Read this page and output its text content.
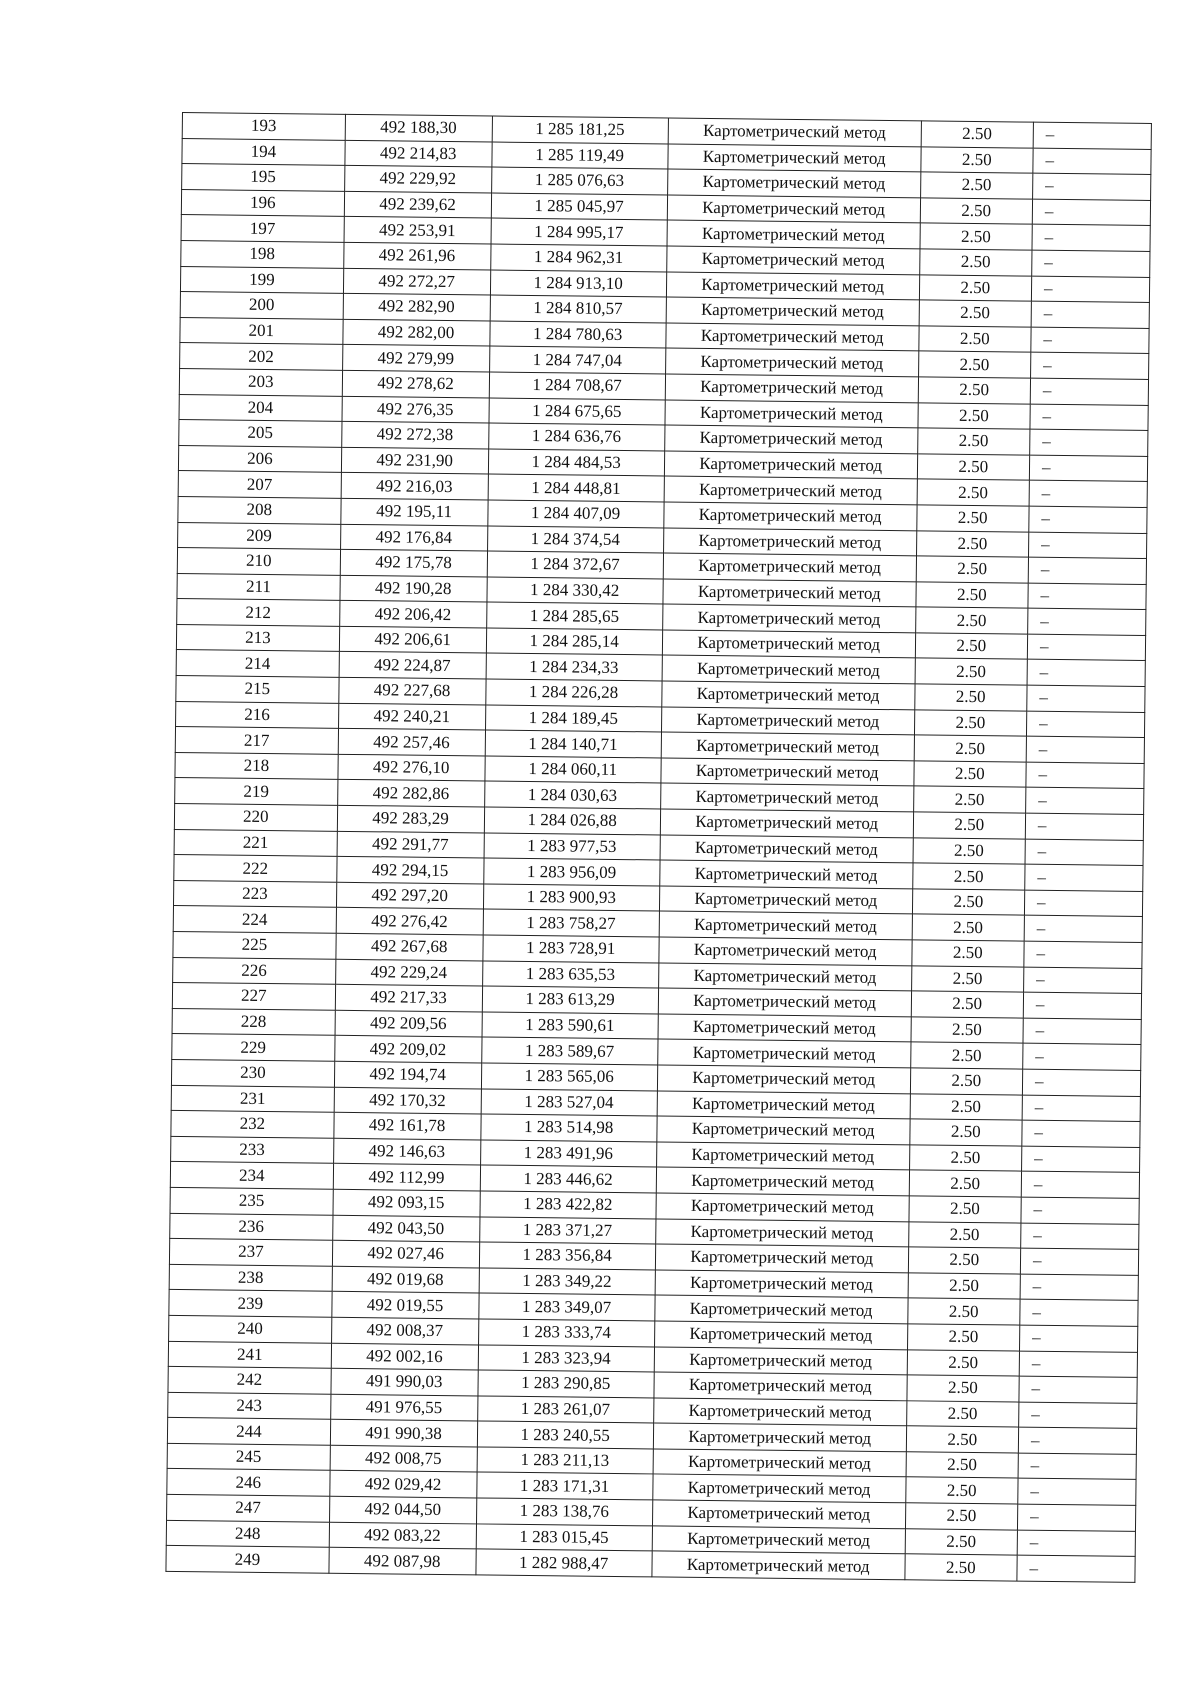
193	492 188,30	1 285 181,25	Картометрический метод	2.50	–
194	492 214,83	1 285 119,49	Картометрический метод	2.50	–
195	492 229,92	1 285 076,63	Картометрический метод	2.50	–
196	492 239,62	1 285 045,97	Картометрический метод	2.50	–
197	492 253,91	1 284 995,17	Картометрический метод	2.50	–
198	492 261,96	1 284 962,31	Картометрический метод	2.50	–
199	492 272,27	1 284 913,10	Картометрический метод	2.50	–
200	492 282,90	1 284 810,57	Картометрический метод	2.50	–
201	492 282,00	1 284 780,63	Картометрический метод	2.50	–
202	492 279,99	1 284 747,04	Картометрический метод	2.50	–
203	492 278,62	1 284 708,67	Картометрический метод	2.50	–
204	492 276,35	1 284 675,65	Картометрический метод	2.50	–
205	492 272,38	1 284 636,76	Картометрический метод	2.50	–
206	492 231,90	1 284 484,53	Картометрический метод	2.50	–
207	492 216,03	1 284 448,81	Картометрический метод	2.50	–
208	492 195,11	1 284 407,09	Картометрический метод	2.50	–
209	492 176,84	1 284 374,54	Картометрический метод	2.50	–
210	492 175,78	1 284 372,67	Картометрический метод	2.50	–
211	492 190,28	1 284 330,42	Картометрический метод	2.50	–
212	492 206,42	1 284 285,65	Картометрический метод	2.50	–
213	492 206,61	1 284 285,14	Картометрический метод	2.50	–
214	492 224,87	1 284 234,33	Картометрический метод	2.50	–
215	492 227,68	1 284 226,28	Картометрический метод	2.50	–
216	492 240,21	1 284 189,45	Картометрический метод	2.50	–
217	492 257,46	1 284 140,71	Картометрический метод	2.50	–
218	492 276,10	1 284 060,11	Картометрический метод	2.50	–
219	492 282,86	1 284 030,63	Картометрический метод	2.50	–
220	492 283,29	1 284 026,88	Картометрический метод	2.50	–
221	492 291,77	1 283 977,53	Картометрический метод	2.50	–
222	492 294,15	1 283 956,09	Картометрический метод	2.50	–
223	492 297,20	1 283 900,93	Картометрический метод	2.50	–
224	492 276,42	1 283 758,27	Картометрический метод	2.50	–
225	492 267,68	1 283 728,91	Картометрический метод	2.50	–
226	492 229,24	1 283 635,53	Картометрический метод	2.50	–
227	492 217,33	1 283 613,29	Картометрический метод	2.50	–
228	492 209,56	1 283 590,61	Картометрический метод	2.50	–
229	492 209,02	1 283 589,67	Картометрический метод	2.50	–
230	492 194,74	1 283 565,06	Картометрический метод	2.50	–
231	492 170,32	1 283 527,04	Картометрический метод	2.50	–
232	492 161,78	1 283 514,98	Картометрический метод	2.50	–
233	492 146,63	1 283 491,96	Картометрический метод	2.50	–
234	492 112,99	1 283 446,62	Картометрический метод	2.50	–
235	492 093,15	1 283 422,82	Картометрический метод	2.50	–
236	492 043,50	1 283 371,27	Картометрический метод	2.50	–
237	492 027,46	1 283 356,84	Картометрический метод	2.50	–
238	492 019,68	1 283 349,22	Картометрический метод	2.50	–
239	492 019,55	1 283 349,07	Картометрический метод	2.50	–
240	492 008,37	1 283 333,74	Картометрический метод	2.50	–
241	492 002,16	1 283 323,94	Картометрический метод	2.50	–
242	491 990,03	1 283 290,85	Картометрический метод	2.50	–
243	491 976,55	1 283 261,07	Картометрический метод	2.50	–
244	491 990,38	1 283 240,55	Картометрический метод	2.50	–
245	492 008,75	1 283 211,13	Картометрический метод	2.50	–
246	492 029,42	1 283 171,31	Картометрический метод	2.50	–
247	492 044,50	1 283 138,76	Картометрический метод	2.50	–
248	492 083,22	1 283 015,45	Картометрический метод	2.50	–
249	492 087,98	1 282 988,47	Картометрический метод	2.50	–
